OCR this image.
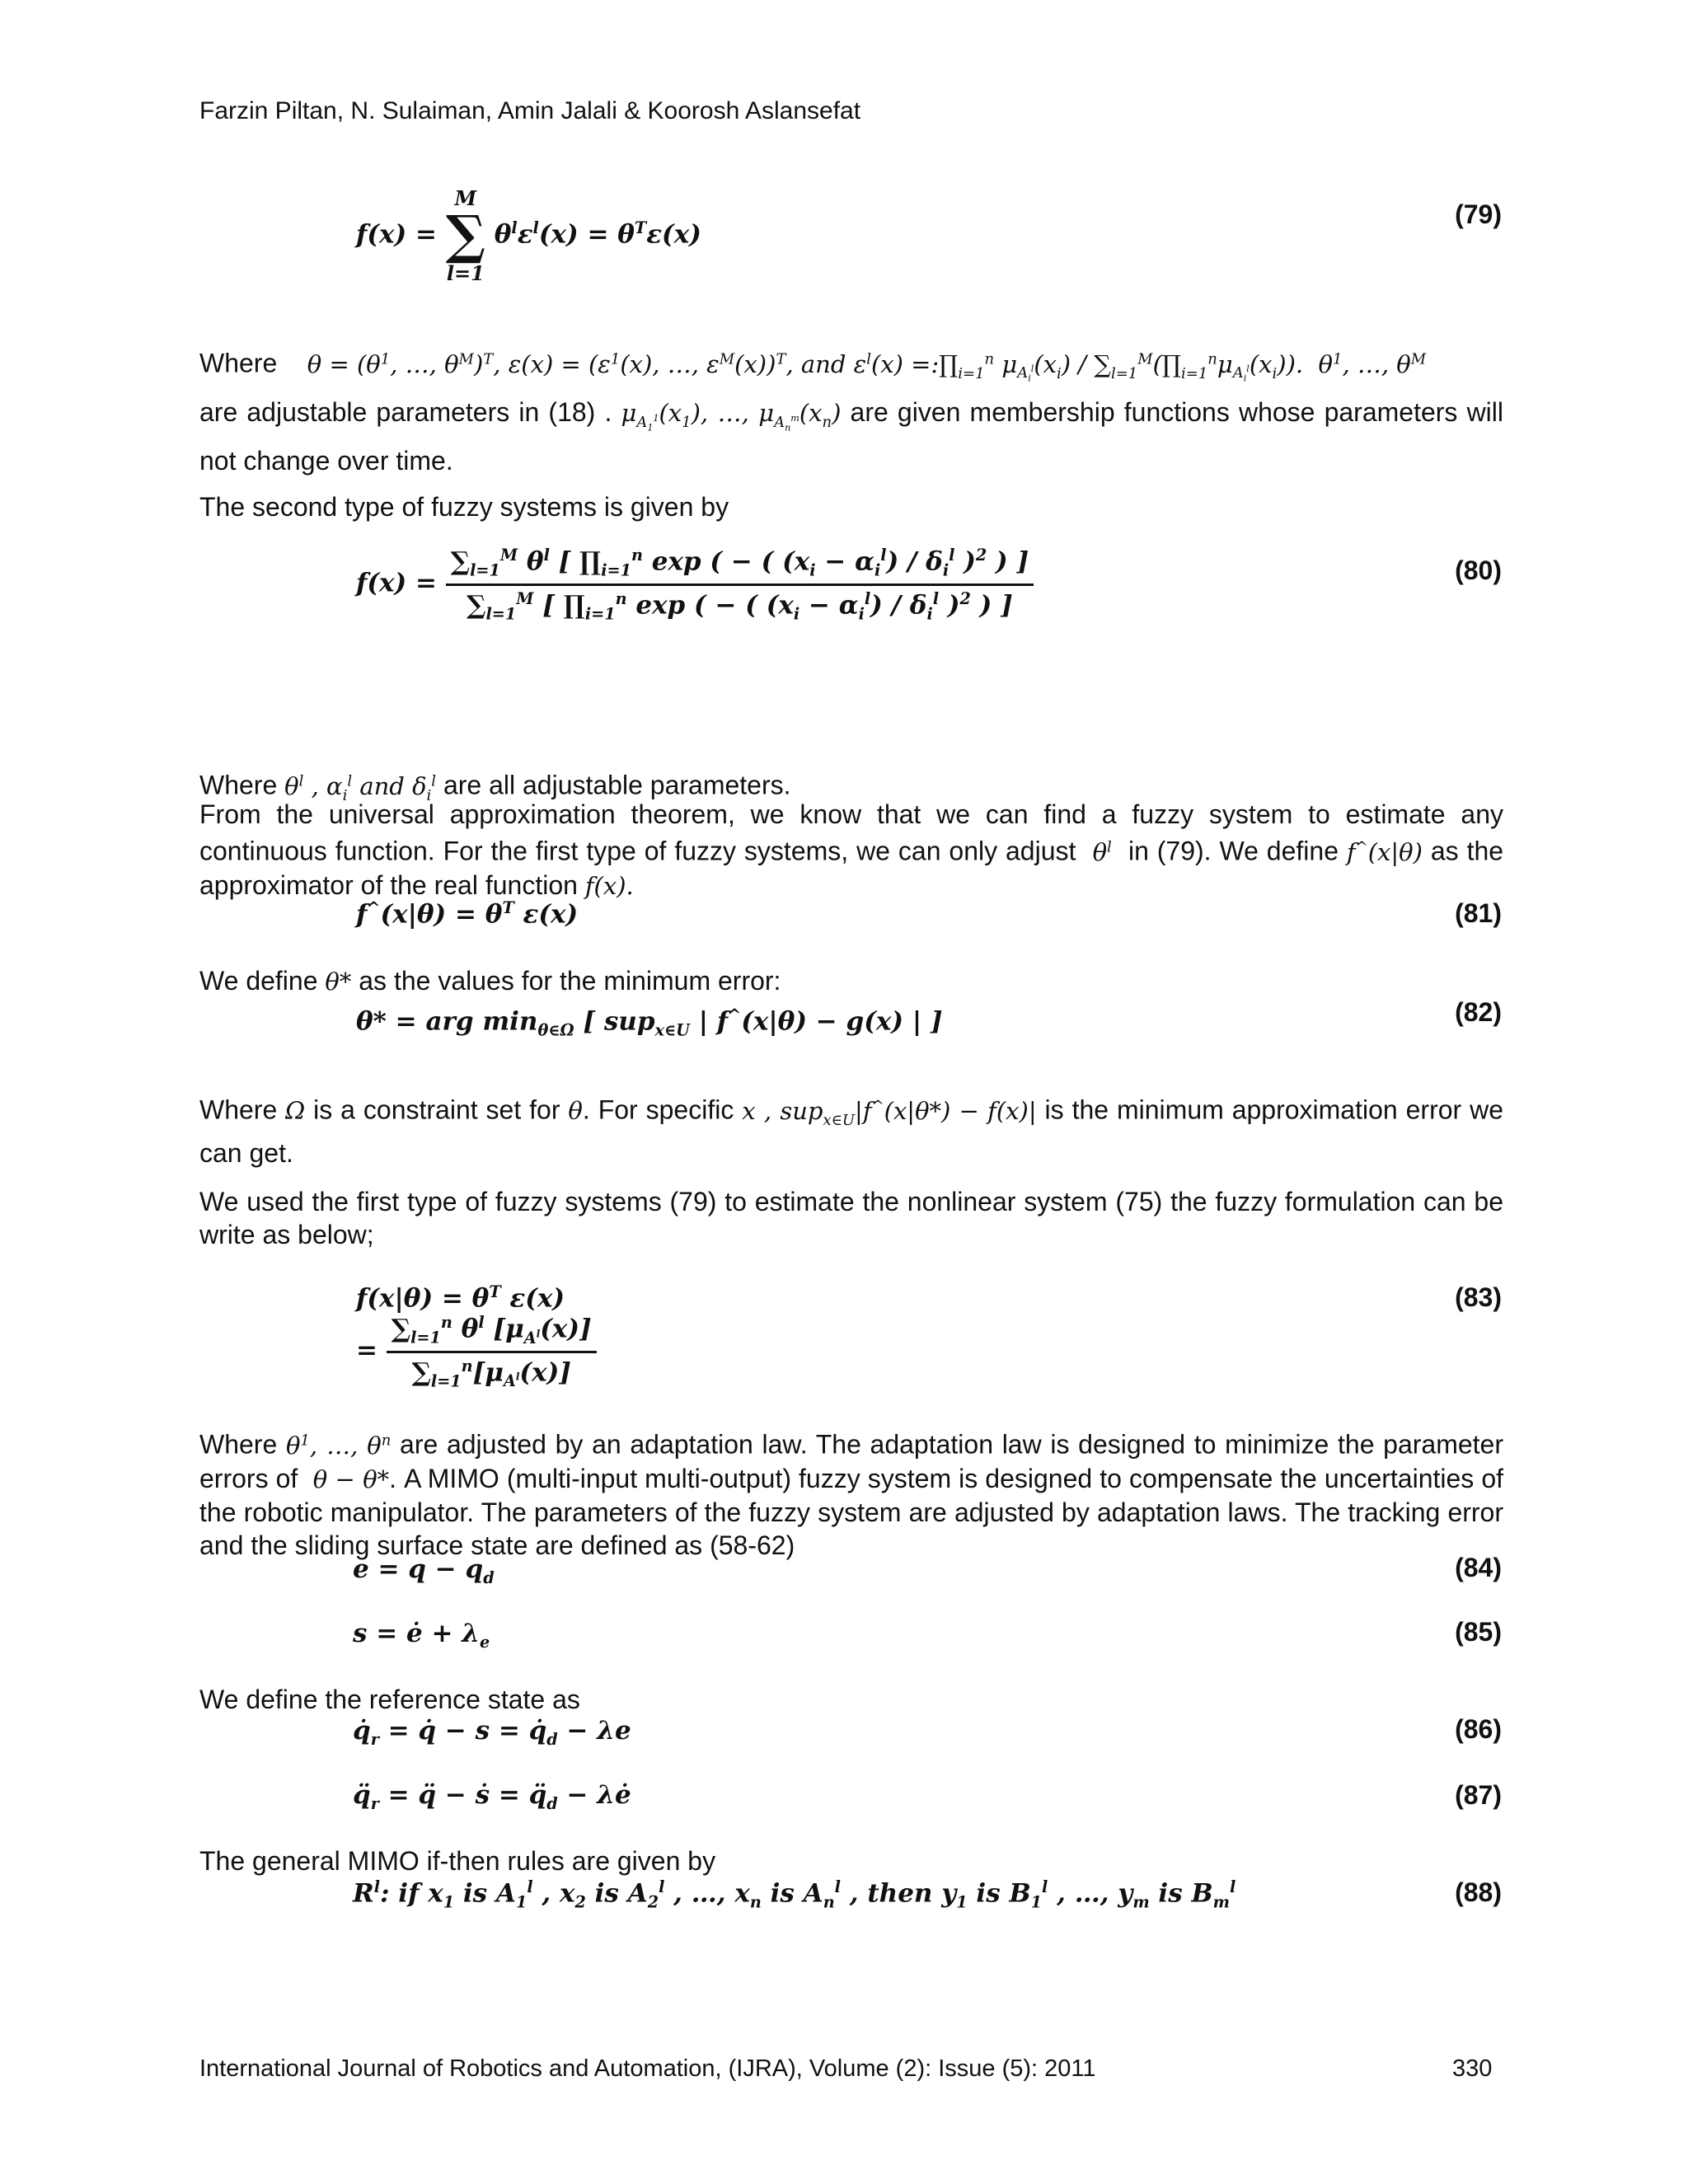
Farzin Piltan, N. Sulaiman, Amin Jalali & Koorosh Aslansefat
f(x) =
M
∑
l=1
$\theta^l\varepsilon^l(x) = \theta^T\varepsilon(x)$
(79)
Where    $\theta = (\theta^1$, …, $\theta^M)^T$, $\varepsilon(x) = (\varepsilon^1(x)$, …, $\varepsilon^M(x))^T$, and $\varepsilon^l(x)$ $=:\prod_{i=1}^n$ $\mu_{A_i^l}(x_i)$ / $\sum_{l=1}^M(\prod_{i=1}^n\mu_{A_i^l}(x_i))$.  $\theta^1$, …, $\theta^M$
are adjustable parameters in (18) . $\mu_{A_1^1}(x_1)$, …, $\mu_{A_n^m}(x_n)$ are given membership functions whose parameters will not change over time.
The second type of fuzzy systems is given by
$f(x) = \frac{\sum_{l=1}^M \theta^l [ \prod_{i=1}^n \exp ( - ( (x_i - \alpha_i^l) / \delta_i^l )^2 ) ]}{\sum_{l=1}^M [ \prod_{i=1}^n \exp ( - ( (x_i - \alpha_i^l) / \delta_i^l )^2 ) ]}$	(80)
Where $\theta^l$ , $\alpha_i^l$ and $\delta_i^l$ are all adjustable parameters.
From the universal approximation theorem, we know that we can find a fuzzy system to estimate any continuous function. For the first type of fuzzy systems, we can only adjust  $\theta^l$ in (79). We define f^(x|θ) as the approximator of the real function f(x).
$f^{\^{}}(x|\theta) = \theta^T$ ε(x)	(81)
We define θ* as the values for the minimum error:
θ* = arg $\min_{\theta\in\Omega}$ [ sup$_{x\in U}$ | f^(x|θ) − g(x) | ]	(82)
Where Ω is a constraint set for θ. For specific x , sup$_{x\in U}$|f^(x|θ*) − f(x)| is the minimum approximation error we can get.
We used the first type of fuzzy systems (79) to estimate the nonlinear system (75) the fuzzy formulation can be write as below;
$f(x|\theta) = \theta^T$ ε(x)
= $\frac{\sum_{l=1}^n \theta^l [\mu_{A^l}(x)]}{\sum_{l=1}^n[\mu_{A^l}(x)]}$
(83)
Where $\theta^1$, …, $\theta^n$ are adjusted by an adaptation law. The adaptation law is designed to minimize the parameter errors of  θ − θ*. A MIMO (multi-input multi-output) fuzzy system is designed to compensate the uncertainties of the robotic manipulator. The parameters of the fuzzy system are adjusted by adaptation laws. The tracking error and the sliding surface state are defined as (58-62)
$e = q - q_d$	(84)
s = ė + $\lambda_e$	(85)
We define the reference state as
$q̇_r$ = q̇ − $s = q̇_d - \lambda e$	(86)
$q̈_r$ = q̈ − ṡ = $q̈_d$ − λė	(87)
The general MIMO if-then rules are given by
$R^l$: if $x_1$ is $A_1^l$ , $x_2$ is $A_2^l$ , …, $x_n$ is $A_n^l$ , then $y_1$ is $B_1^l$ , …, $y_m$ is $B_m^l$	(88)
International Journal of Robotics and Automation, (IJRA), Volume (2): Issue (5): 2011	330
